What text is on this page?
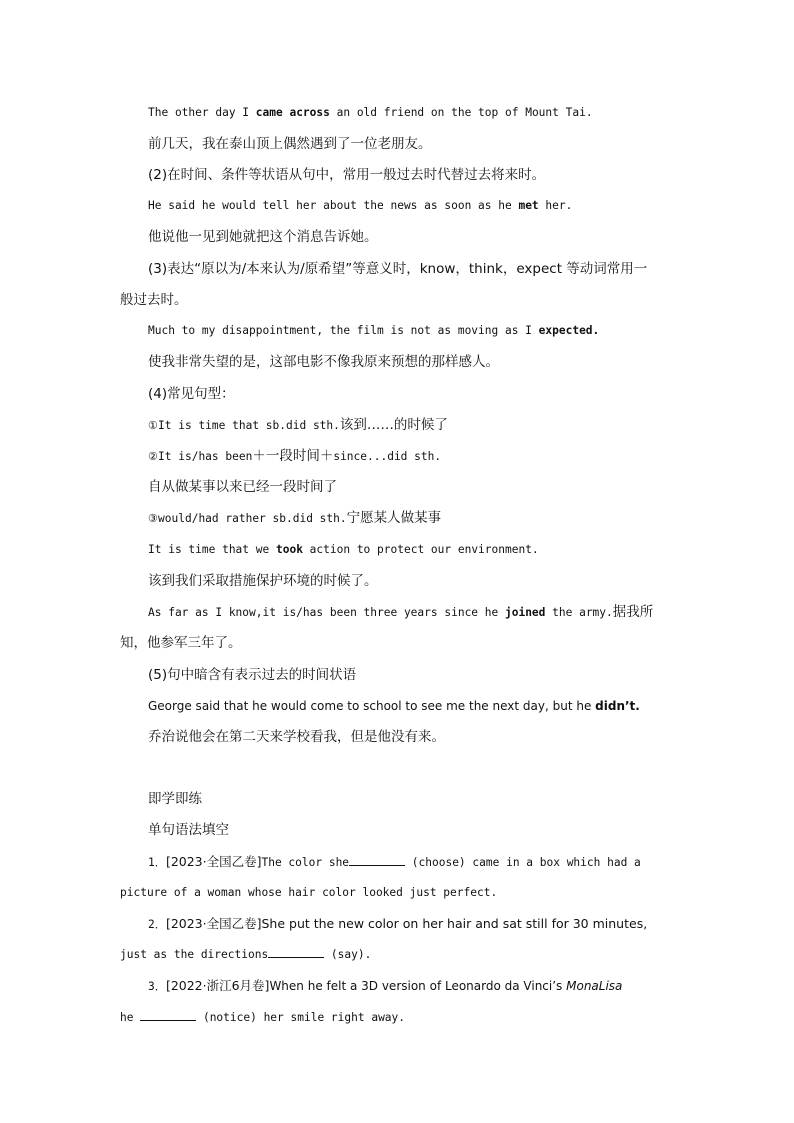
The other day I came across an old friend on the top of Mount Tai.
前几天，我在泰山顶上偶然遇到了一位老朋友。
(2)在时间、条件等状语从句中，常用一般过去时代替过去将来时。
He said he would tell her about the news as soon as he met her.
他说他一见到她就把这个消息告诉她。
(3)表达“原以为/本来认为/原希望”等意义时，know，think，expect 等动词常用一
般过去时。
Much to my disappointment, the film is not as moving as I expected.
使我非常失望的是，这部电影不像我原来预想的那样感人。
(4)常见句型：
①It is time that sb.did sth.该到……的时候了
②It is/has been＋一段时间＋since...did sth.
自从做某事以来已经一段时间了
③would/had rather sb.did sth.宁愿某人做某事
It is time that we took action to protect our environment.
该到我们采取措施保护环境的时候了。
As far as I know,it is/has been three years since he joined the army.据我所
知，他参军三年了。
(5)句中暗含有表示过去的时间状语
George said that he would come to school to see me the next day, but he didn’t.
乔治说他会在第二天来学校看我，但是他没有来。
即学即练
单句语法填空
1．[2023·全国乙卷]The color she	(choose) came in a box which had a
picture of a woman whose hair color looked just perfect.
2．[2023·全国乙卷]She put the new color on her hair and sat still for 30 minutes,
just as the directions	(say).
3．[2022·浙江6月卷]When he felt a 3D version of Leonardo da Vinci’s MonaLisa
he	(notice) her smile right away.
